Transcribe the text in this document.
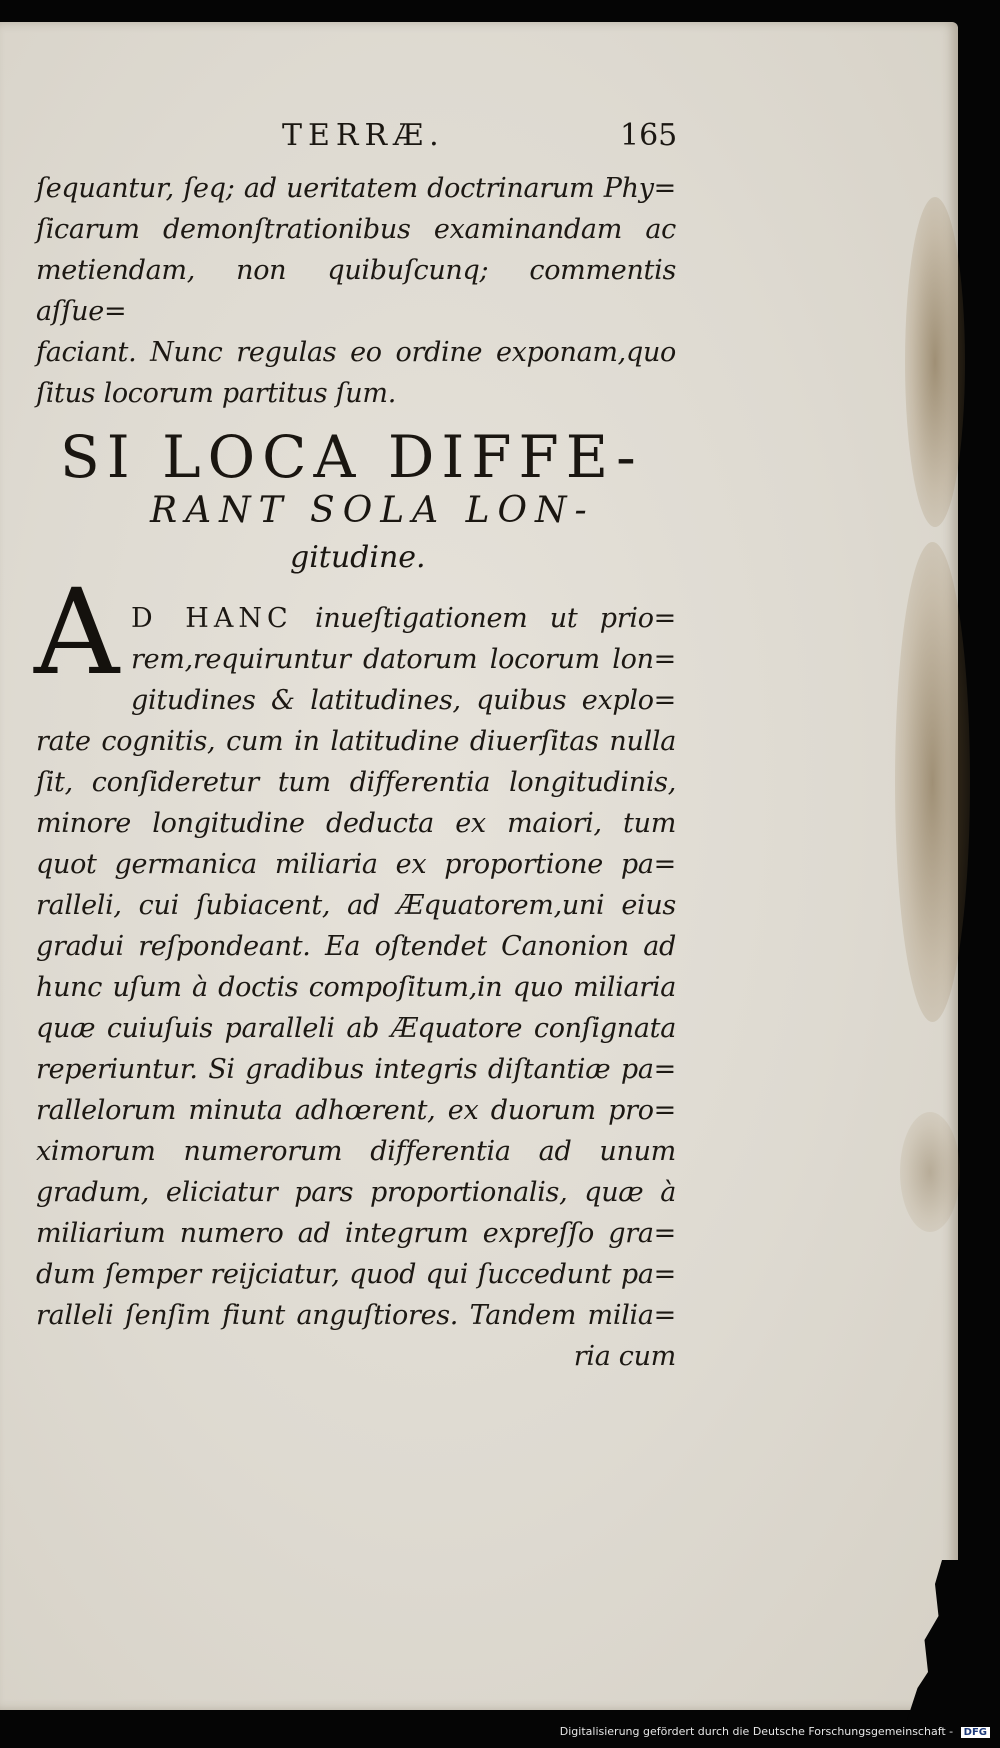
TERRÆ.	165
ſequantur, ſeq; ad ueritatem doctrinarum Phy=
ſicarum demonſtrationibus examinandam ac
metiendam, non quibuſcunq; commentis aſſue=
faciant. Nunc regulas eo ordine exponam,quo
ſitus locorum partitus ſum.
SI LOCA DIFFE-
RANT SOLA LON-
gitudine.
A D HANC inueſtigationem ut prio=
rem,requiruntur datorum locorum lon=
gitudines & latitudines, quibus explo=
rate cognitis, cum in latitudine diuerſitas nulla
ſit, conſideretur tum differentia longitudinis,
minore longitudine deducta ex maiori, tum
quot germanica miliaria ex proportione pa=
ralleli, cui ſubiacent, ad Æquatorem,uni eius
gradui reſpondeant. Ea oſtendet Canonion ad
hunc uſum à doctis compoſitum,in quo miliaria
quæ cuiuſuis paralleli ab Æquatore conſignata
reperiuntur. Si gradibus integris diſtantiæ pa=
rallelorum minuta adhœrent, ex duorum pro=
ximorum numerorum differentia ad unum
gradum, eliciatur pars proportionalis, quæ à
miliarium numero ad integrum expreſſo gra=
dum ſemper reijciatur, quod qui ſuccedunt pa=
ralleli ſenſim fiunt anguſtiores. Tandem milia=
ria cum
Digitalisierung gefördert durch die Deutsche Forschungsgemeinschaft - DFG
